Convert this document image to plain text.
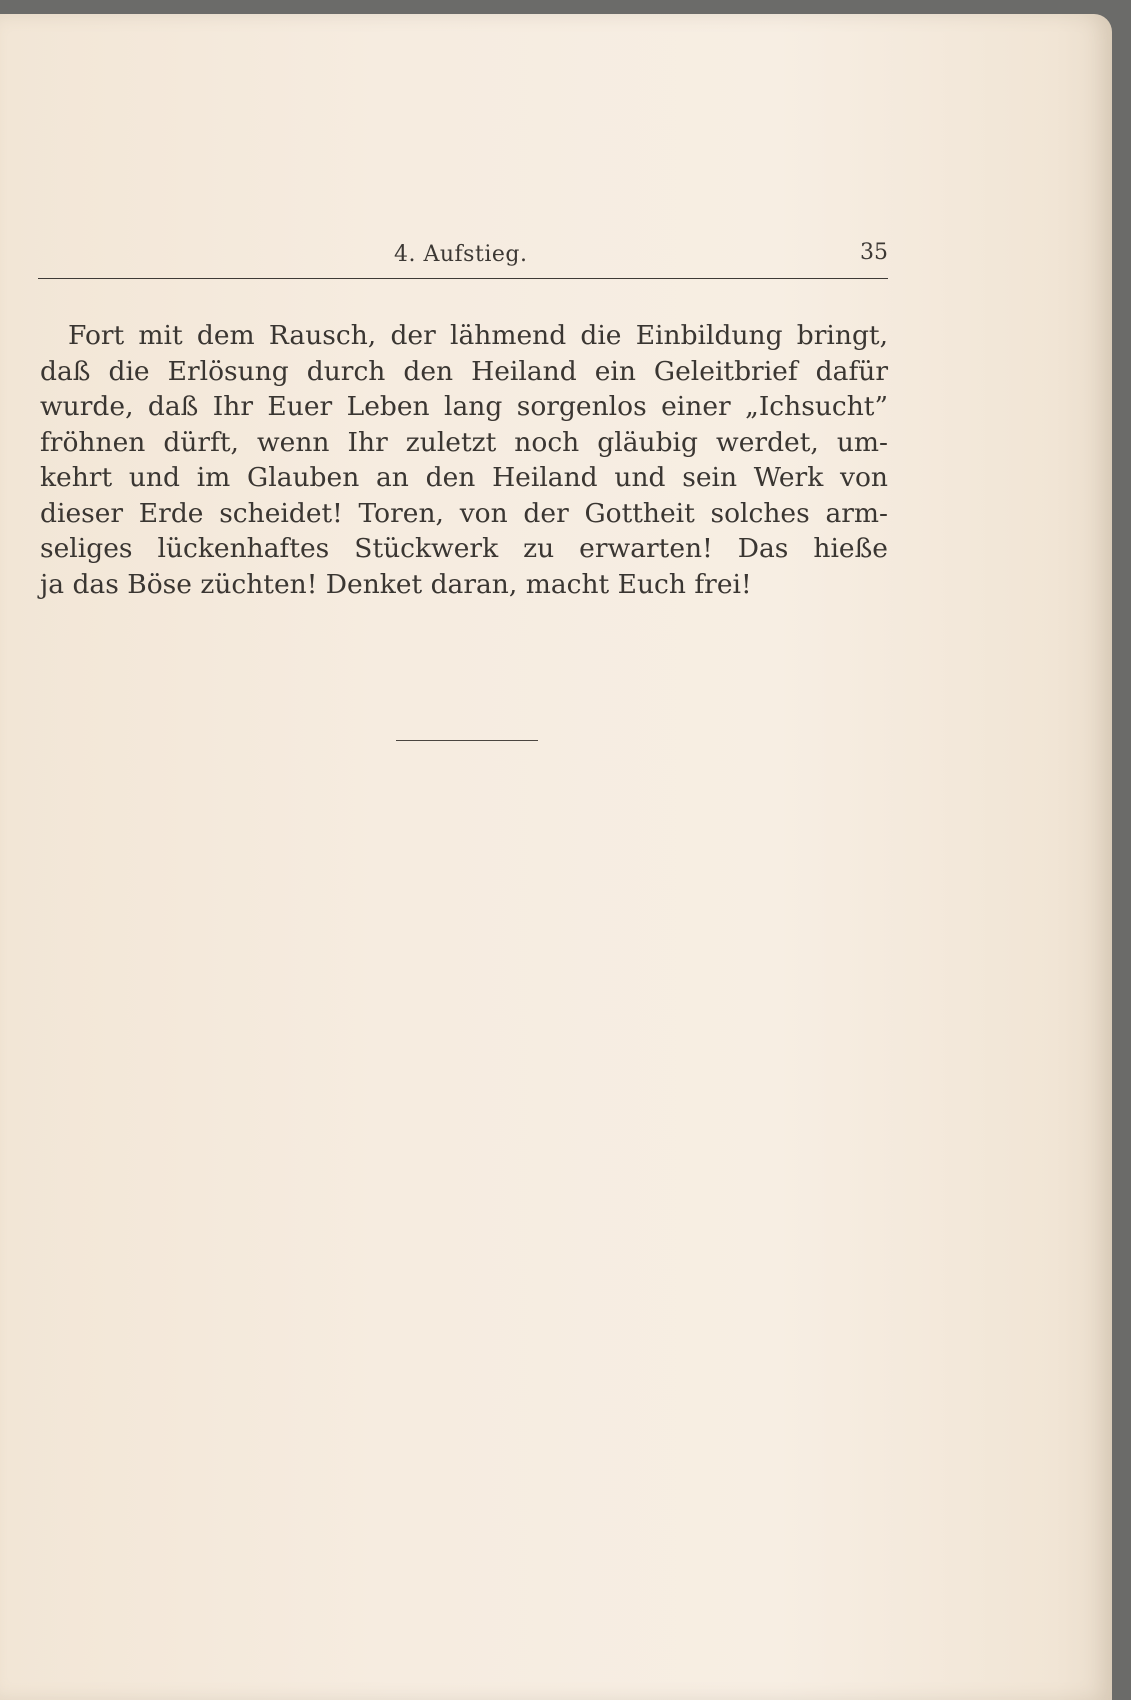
4. Aufstieg.	35

Fort mit dem Rausch, der lähmend die Einbildung bringt,
daß die Erlösung durch den Heiland ein Geleitbrief dafür
wurde, daß Ihr Euer Leben lang sorgenlos einer „Ichsucht”
fröhnen dürft, wenn Ihr zuletzt noch gläubig werdet, um-
kehrt und im Glauben an den Heiland und sein Werk von
dieser Erde scheidet! Toren, von der Gottheit solches arm-
seliges lückenhaftes Stückwerk zu erwarten! Das hieße
ja das Böse züchten! Denket daran, macht Euch frei!
